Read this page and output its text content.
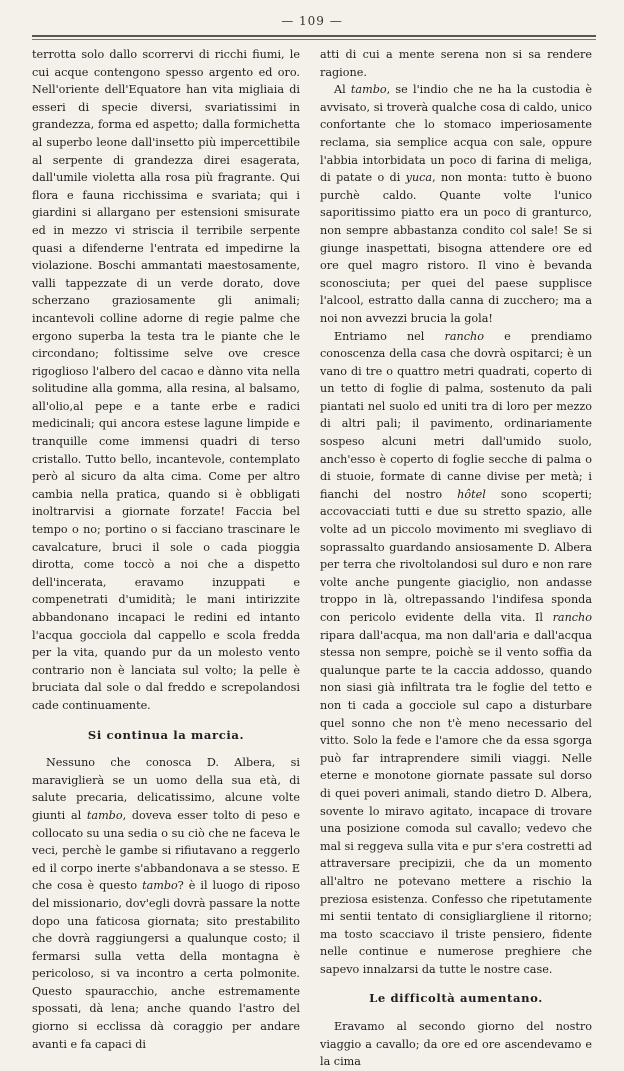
— 109 —

terrotta solo dallo scorrervi di ricchi fiumi, le cui acque contengono spesso argento ed oro. Nell'oriente dell'Equatore han vita migliaia di esseri di specie diversi, svariatissimi in grandezza, forma ed aspetto; dalla formichetta al superbo leone dall'insetto più impercettibile al serpente di grandezza direi esagerata, dall'umile violetta alla rosa più fragrante. Qui flora e fauna ricchissima e svariata; qui i giardini si allargano per estensioni smisurate ed in mezzo vi striscia il terribile serpente quasi a difenderne l'entrata ed impedirne la violazione. Boschi ammantati maestosamente, valli tappezzate di un verde dorato, dove scherzano graziosamente gli animali; incantevoli colline adorne di regie palme che ergono superba la testa tra le piante che le circondano; foltissime selve ove cresce rigoglioso l'albero del cacao e dànno vita nella solitudine alla gomma, alla resina, al balsamo, all'olio,al pepe e a tante erbe e radici medicinali; qui ancora estese lagune limpide e tranquille come immensi quadri di terso cristallo. Tutto bello, incantevole, contemplato però al sicuro da alta cima. Come per altro cambia nella pratica, quando si è obbligati inoltrarvisi a giornate forzate! Faccia bel tempo o no; portino o si facciano trascinare le cavalcature, bruci il sole o cada pioggia dirotta, come toccò a noi che a dispetto dell'incerata, eravamo inzuppati e compenetrati d'umidità; le mani intirizzite abbandonano incapaci le redini ed intanto l'acqua gocciola dal cappello e scola fredda per la vita, quando pur da un molesto vento contrario non è lanciata sul volto; la pelle è bruciata dal sole o dal freddo e screpolandosi cade continuamente.

Si continua la marcia.

Nessuno che conosca D. Albera, si maraviglierà se un uomo della sua età, di salute precaria, delicatissimo, alcune volte giunti al tambo, doveva esser tolto di peso e collocato su una sedia o su ciò che ne faceva le veci, perchè le gambe si rifiutavano a reggerlo ed il corpo inerte s'abbandonava a se stesso. E che cosa è questo tambo? è il luogo di riposo del missionario, dov'egli dovrà passare la notte dopo una faticosa giornata; sito prestabilito che dovrà raggiungersi a qualunque costo; il fermarsi sulla vetta della montagna è pericoloso, si va incontro a certa polmonite. Questo spauracchio, anche estremamente spossati, dà lena; anche quando l'astro del giorno si ecclissa dà coraggio per andare avanti e fa capaci di

atti di cui a mente serena non si sa rendere ragione.

Al tambo, se l'indio che ne ha la custodia è avvisato, si troverà qualche cosa di caldo, unico confortante che lo stomaco imperiosamente reclama, sia semplice acqua con sale, oppure l'abbia intorbidata un poco di farina di meliga, di patate o di yuca, non monta: tutto è buono purchè caldo. Quante volte l'unico saporitissimo piatto era un poco di granturco, non sempre abbastanza condito col sale! Se si giunge inaspettati, bisogna attendere ore ed ore quel magro ristoro. Il vino è bevanda sconosciuta; per quei del paese supplisce l'alcool, estratto dalla canna di zucchero; ma a noi non avvezzi brucia la gola!

Entriamo nel rancho e prendiamo conoscenza della casa che dovrà ospitarci; è un vano di tre o quattro metri quadrati, coperto di un tetto di foglie di palma, sostenuto da pali piantati nel suolo ed uniti tra di loro per mezzo di altri pali; il pavimento, ordinariamente sospeso alcuni metri dall'umido suolo, anch'esso è coperto di foglie secche di palma o di stuoie, formate di canne divise per metà; i fianchi del nostro hôtel sono scoperti; accovacciati tutti e due su stretto spazio, alle volte ad un piccolo movimento mi svegliavo di soprassalto guardando ansiosamente D. Albera per terra che rivoltolandosi sul duro e non rare volte anche pungente giaciglio, non andasse troppo in là, oltrepassando l'indifesa sponda con pericolo evidente della vita. Il rancho ripara dall'acqua, ma non dall'aria e dall'acqua stessa non sempre, poichè se il vento soffia da qualunque parte te la caccia addosso, quando non siasi già infiltrata tra le foglie del tetto e non ti cada a gocciole sul capo a disturbare quel sonno che non t'è meno necessario del vitto. Solo la fede e l'amore che da essa sgorga può far intraprendere simili viaggi. Nelle eterne e monotone giornate passate sul dorso di quei poveri animali, stando dietro D. Albera, sovente lo miravo agitato, incapace di trovare una posizione comoda sul cavallo; vedevo che mal si reggeva sulla vita e pur s'era costretti ad attraversare precipizii, che da un momento all'altro ne potevano mettere a rischio la preziosa esistenza. Confesso che ripetutamente mi sentii tentato di consigliargliene il ritorno; ma tosto scacciavo il triste pensiero, fidente nelle continue e numerose preghiere che sapevo innalzarsi da tutte le nostre case.

Le difficoltà aumentano.

Eravamo al secondo giorno del nostro viaggio a cavallo; da ore ed ore ascendevamo e la cima
